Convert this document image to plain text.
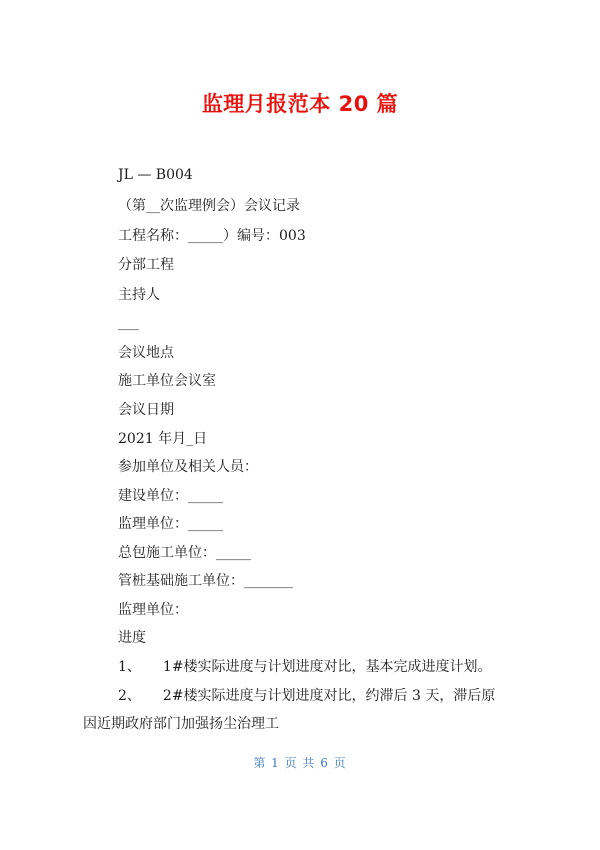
监理月报范本 20 篇
JL — B004
（第__次监理例会）会议记录
工程名称：_____）编号：003
分部工程
主持人
___
会议地点
施工单位会议室
会议日期
2021 年月_日
参加单位及相关人员：
建设单位：_____
监理单位：_____
总包施工单位：_____
管桩基础施工单位：_______
监理单位：
进度
1、 1#楼实际进度与计划进度对比，基本完成进度计划。
2、 2#楼实际进度与计划进度对比，约滞后 3 天，滞后原
因近期政府部门加强扬尘治理工
第 1 页 共 6 页
